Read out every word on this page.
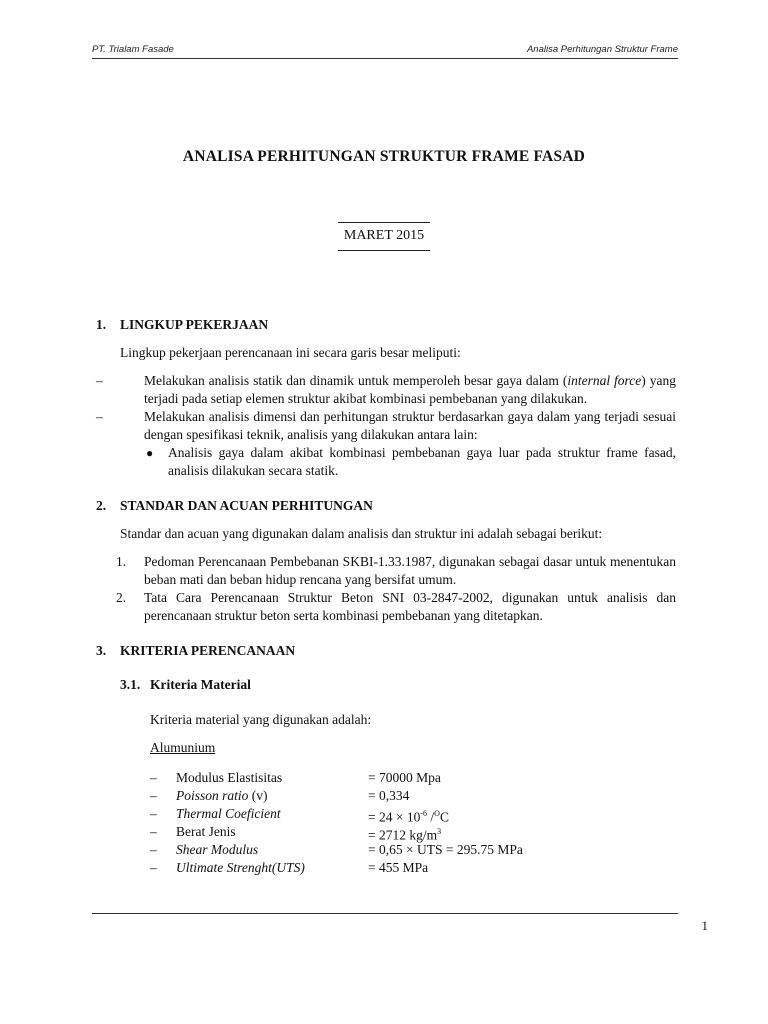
PT. Trialam Fasade	Analisa Perhitungan Struktur Frame
ANALISA PERHITUNGAN STRUKTUR FRAME FASAD
MARET 2015
1.	LINGKUP PEKERJAAN
Lingkup pekerjaan perencanaan ini secara garis besar meliputi:
–	Melakukan analisis statik dan dinamik untuk memperoleh besar gaya dalam (internal force) yang terjadi pada setiap elemen struktur akibat kombinasi pembebanan yang dilakukan.
–	Melakukan analisis dimensi dan perhitungan struktur berdasarkan gaya dalam yang terjadi sesuai dengan spesifikasi teknik, analisis yang dilakukan antara lain:
● Analisis gaya dalam akibat kombinasi pembebanan gaya luar pada struktur frame fasad, analisis dilakukan secara statik.
2.	STANDAR DAN ACUAN PERHITUNGAN
Standar dan acuan yang digunakan dalam analisis dan struktur ini adalah sebagai berikut:
1. Pedoman Perencanaan Pembebanan SKBI-1.33.1987, digunakan sebagai dasar untuk menentukan beban mati dan beban hidup rencana yang bersifat umum.
2. Tata Cara Perencanaan Struktur Beton SNI 03-2847-2002, digunakan untuk analisis dan perencanaan struktur beton serta kombinasi pembebanan yang ditetapkan.
3.	KRITERIA PERENCANAAN
3.1. Kriteria Material
Kriteria material yang digunakan adalah:
Alumunium
–	Modulus Elastisitas	= 70000 Mpa
–	Poisson ratio (v)	= 0,334
–	Thermal Coeficient	= $24 \times 10^{-6}$ /$^O$C
–	Berat Jenis	= 2712 $kg/m^3$
–	Shear Modulus	= 0,65 × UTS = 295.75 MPa
–	Ultimate Strenght(UTS)	= 455 MPa
1
